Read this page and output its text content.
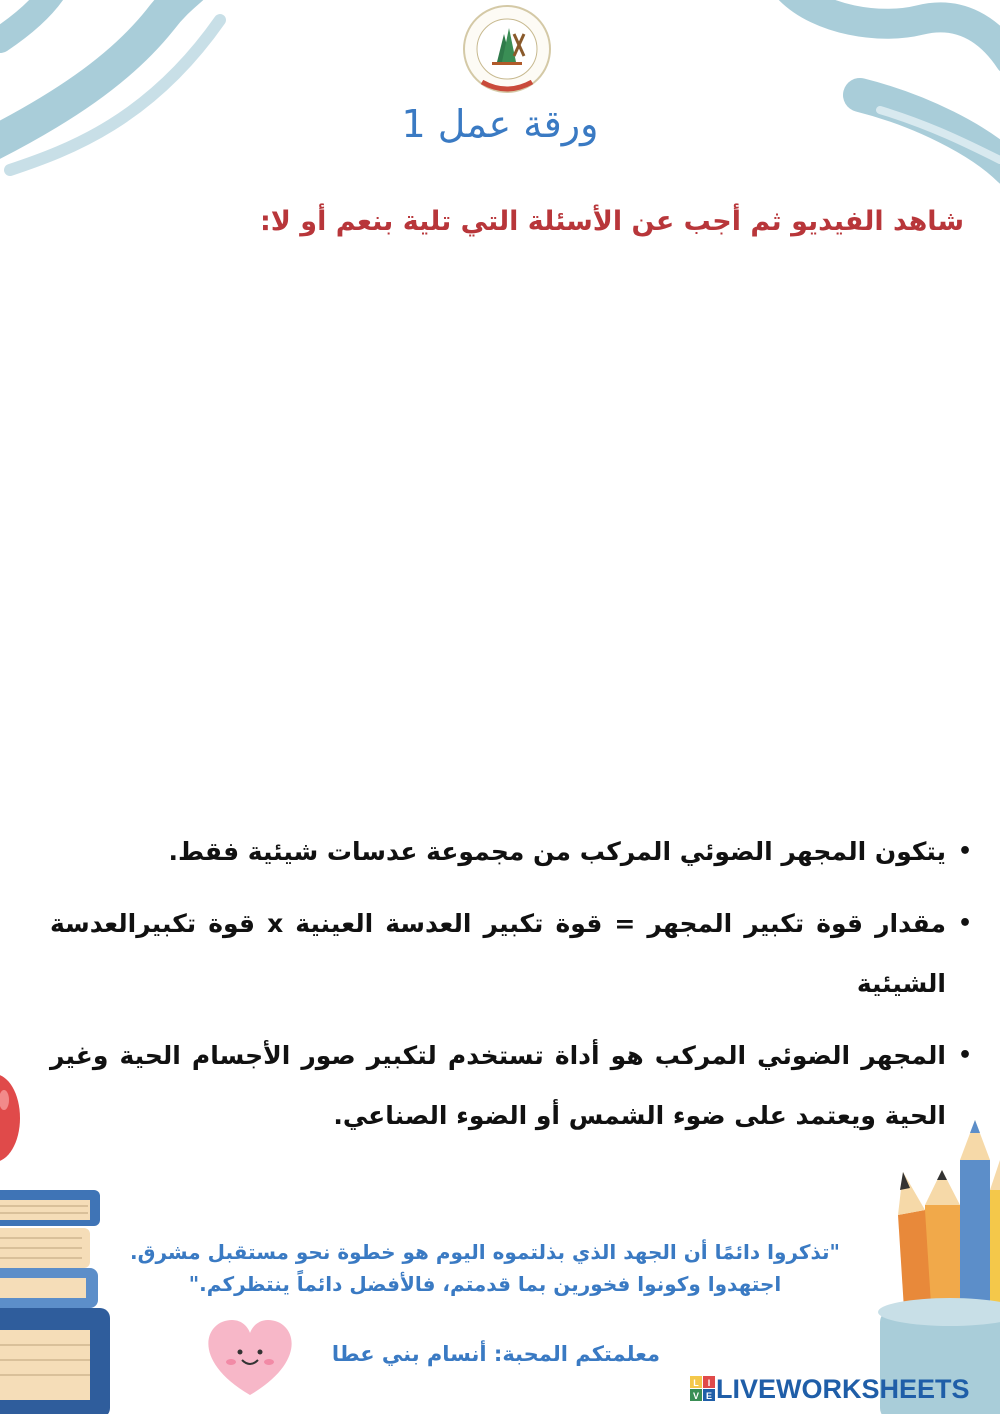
ورقة عمل 1
شاهد الفيديو ثم أجب عن الأسئلة التي تلية بنعم أو لا:
•
يتكون المجهر الضوئي المركب من مجموعة عدسات شيئية فقط.
•
مقدار قوة تكبير المجهر = قوة تكبير العدسة العينية x قوة تكبيرالعدسة الشيئية
•
المجهر الضوئي المركب هو أداة تستخدم لتكبير صور الأجسام الحية وغير الحية ويعتمد على ضوء الشمس أو الضوء الصناعي.
"تذكروا دائمًا أن الجهد الذي بذلتموه اليوم هو خطوة نحو مستقبل مشرق.
اجتهدوا وكونوا فخورين بما قدمتم، فالأفضل دائماً ينتظركم."
معلمتكم المحبة: أنسام بني عطا
L I
V E LIVEWORKSHEETS
